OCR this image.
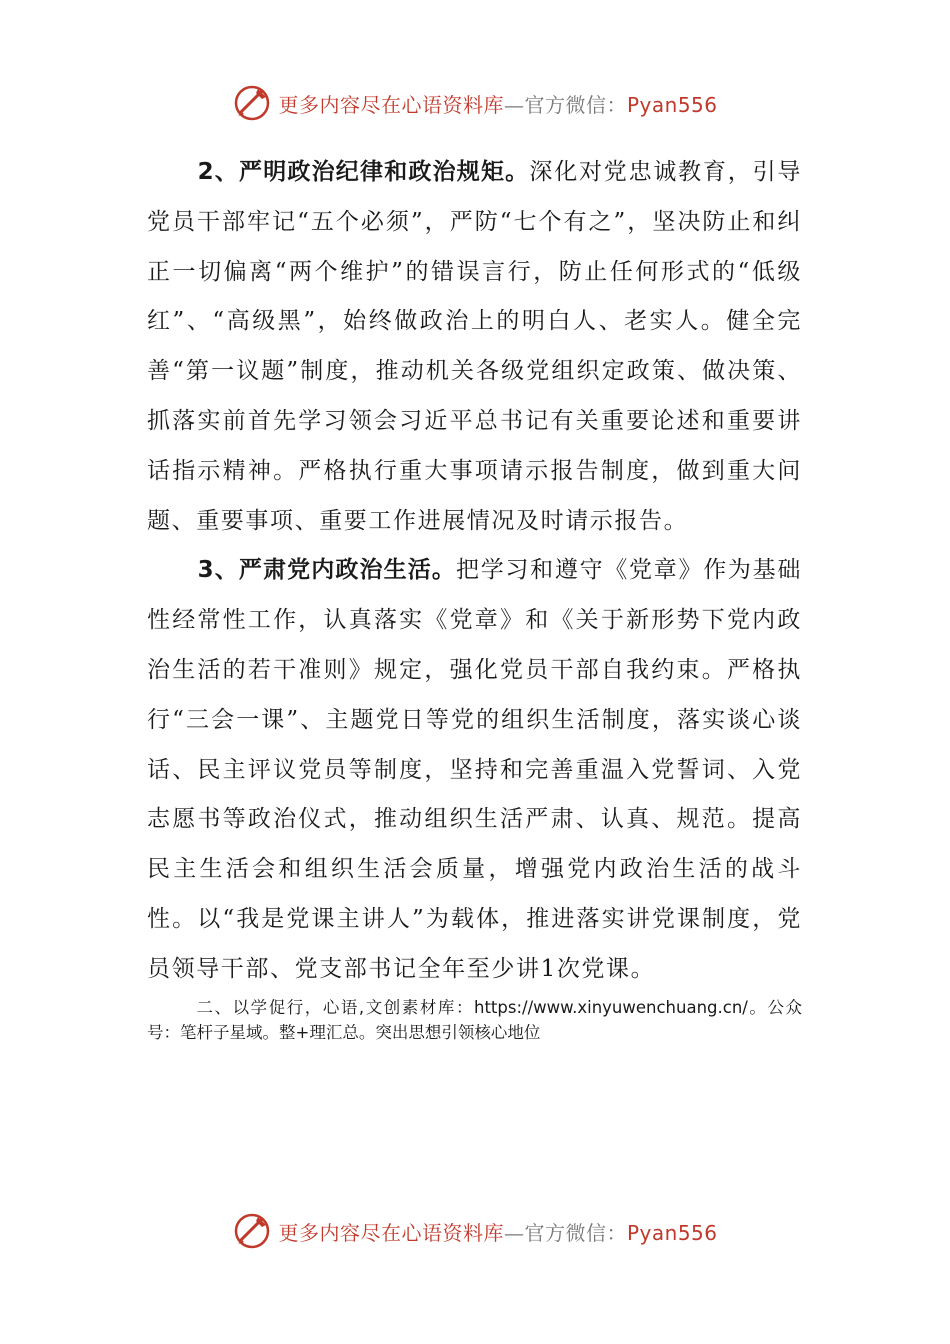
更多内容尽在心语资料库—官方微信：Pyan556

2、严明政治纪律和政治规矩。深化对党忠诚教育，引导党员干部牢记“五个必须”，严防“七个有之”，坚决防止和纠正一切偏离“两个维护”的错误言行，防止任何形式的“低级红”、“高级黑”，始终做政治上的明白人、老实人。健全完善“第一议题”制度，推动机关各级党组织定政策、做决策、抓落实前首先学习领会习近平总书记有关重要论述和重要讲话指示精神。严格执行重大事项请示报告制度，做到重大问题、重要事项、重要工作进展情况及时请示报告。

3、严肃党内政治生活。把学习和遵守《党章》作为基础性经常性工作，认真落实《党章》和《关于新形势下党内政治生活的若干准则》规定，强化党员干部自我约束。严格执行“三会一课”、主题党日等党的组织生活制度，落实谈心谈话、民主评议党员等制度，坚持和完善重温入党誓词、入党志愿书等政治仪式，推动组织生活严肃、认真、规范。提高民主生活会和组织生活会质量，增强党内政治生活的战斗性。以“我是党课主讲人”为载体，推进落实讲党课制度，党员领导干部、党支部书记全年至少讲1次党课。

二、以学促行，心语,文创素材库：https://www.xinyuwenchuang.cn/。公众号：笔杆子星域。整+理汇总。突出思想引领核心地位

更多内容尽在心语资料库—官方微信：Pyan556
